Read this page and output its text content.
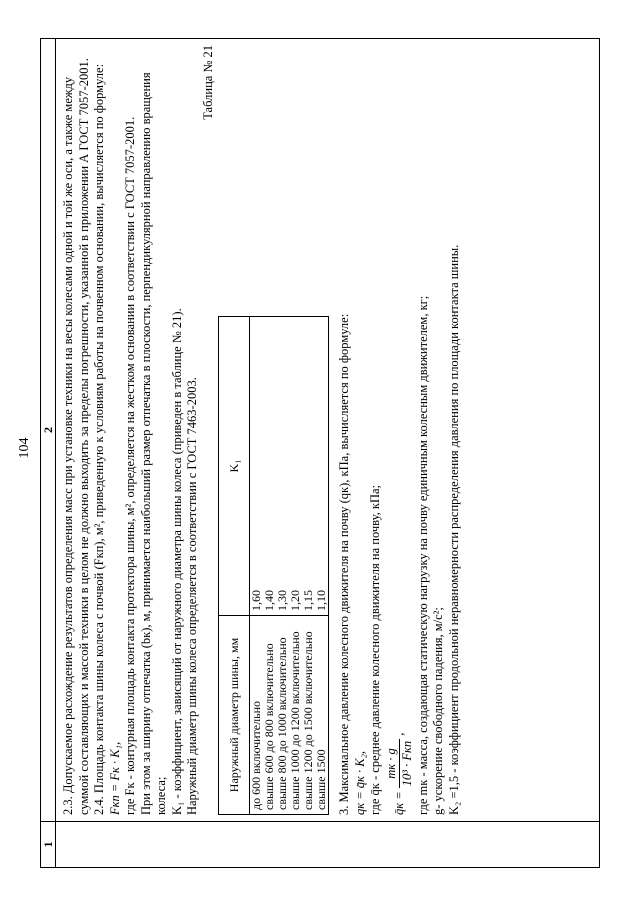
104
1
2 2.3. Допускаемое расхождение результатов определения масс при установке техники на весы колесами одной и той же оси, а также между суммой составляющих и массой техники в целом не должно выходить за пределы погрешности, указанной в приложении А ГОСТ 7057-2001. 2.4. Площадь контакта шины колеса с почвой (Fкп), м², приведенную к условиям работы на почвенном основании, вычисляется по формуле: Fкп = Fк · K₁, где Fк - контурная площадь контакта протектора шины, м², определяется на жестком основании в соответствии с ГОСТ 7057-2001. При этом за ширину отпечатка (bк), м, принимается наибольший размер отпечатка в плоскости, перпендикулярной направлению вращения колеса; K₁ - коэффициент, зависящий от наружного диаметра шины колеса (приведен в таблице № 21). Наружный диаметр шины колеса определяется в соответствии с ГОСТ 7463-2003.

Таблица № 21

Наружный диаметр шины, мм	K₁
до 600 включительно	1,60
свыше 600 до 800 включительно	1,40
свыше 800 до 1000 включительно	1,30
свыше 1000 до 1200 включительно	1,20
свыше 1200 до 1500 включительно	1,15
свыше 1500	1,10 3. Максимальное давление колесного движителя на почву (qк), кПа, вычисляется по формуле: qк = q̄к · K₂, где q̄к - среднее давление колесного движителя на почву, кПа; q̄к =
mк · g 10³ · Fкп
, где mк - масса, создающая статическую нагрузку на почву единичным колесным движителем, кг; g- ускорение свободного падения, м/с²; K₂ =1,5 - коэффициент продольной неравномерности распределения давления по площади контакта шины.
